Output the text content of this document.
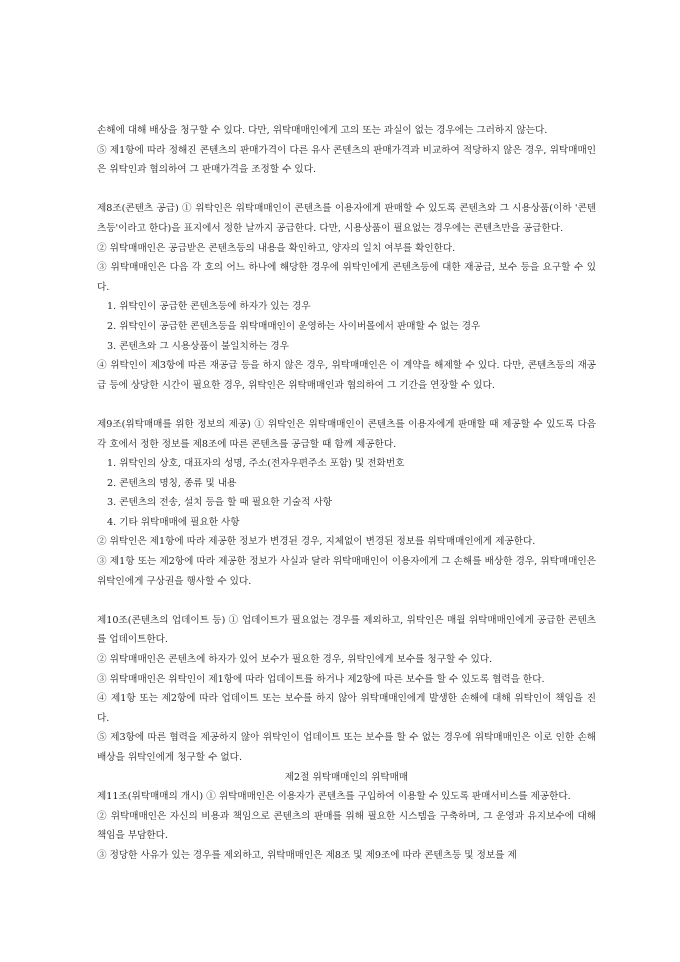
손해에 대해 배상을 청구할 수 있다. 다만, 위탁매매인에게 고의 또는 과실이 없는 경우에는 그러하지 않는다.

⑤ 제1항에 따라 정해진 콘텐츠의 판매가격이 다른 유사 콘텐츠의 판매가격과 비교하여 적당하지 않은 경우, 위탁매매인은 위탁인과 협의하여 그 판매가격을 조정할 수 있다.

제8조(콘텐츠 공급) ① 위탁인은 위탁매매인이 콘텐츠를 이용자에게 판매할 수 있도록 콘텐츠와 그 시용상품(이하 '콘텐츠등'이라고 한다)을 표지에서 정한 날까지 공급한다. 다만, 시용상품이 필요없는 경우에는 콘텐츠만을 공급한다.

② 위탁매매인은 공급받은 콘텐츠등의 내용을 확인하고, 양자의 일치 여부를 확인한다.

③ 위탁매매인은 다음 각 호의 어느 하나에 해당한 경우에 위탁인에게 콘텐츠등에 대한 재공급, 보수 등을 요구할 수 있다.

1. 위탁인이 공급한 콘텐츠등에 하자가 있는 경우

2. 위탁인이 공급한 콘텐츠등을 위탁매매인이 운영하는 사이버몰에서 판매할 수 없는 경우

3. 콘텐츠와 그 시용상품이 불일치하는 경우

④ 위탁인이 제3항에 따른 재공급 등을 하지 않은 경우, 위탁매매인은 이 계약을 해제할 수 있다. 다만, 콘텐츠등의 재공급 등에 상당한 시간이 필요한 경우, 위탁인은 위탁매매인과 협의하여 그 기간을 연장할 수 있다.

제9조(위탁매매를 위한 정보의 제공) ① 위탁인은 위탁매매인이 콘텐츠를 이용자에게 판매할 때 제공할 수 있도록 다음 각 호에서 정한 정보를 제8조에 따른 콘텐츠를 공급할 때 함께 제공한다.

1. 위탁인의 상호, 대표자의 성명, 주소(전자우편주소 포함) 및 전화번호

2. 콘텐츠의 명칭, 종류 및 내용

3. 콘텐츠의 전송, 설치 등을 할 때 필요한 기술적 사항

4. 기타 위탁매매에 필요한 사항

② 위탁인은 제1항에 따라 제공한 정보가 변경된 경우, 지체없이 변경된 정보를 위탁매매인에게 제공한다.

③ 제1항 또는 제2항에 따라 제공한 정보가 사실과 달라 위탁매매인이 이용자에게 그 손해를 배상한 경우, 위탁매매인은 위탁인에게 구상권을 행사할 수 있다.

제10조(콘텐츠의 업데이트 등) ① 업데이트가 필요없는 경우를 제외하고, 위탁인은 매월 위탁매매인에게 공급한 콘텐츠를 업데이트한다.

② 위탁매매인은 콘텐츠에 하자가 있어 보수가 필요한 경우, 위탁인에게 보수를 청구할 수 있다.

③ 위탁매매인은 위탁인이 제1항에 따라 업데이트를 하거나 제2항에 따른 보수를 할 수 있도록 협력을 한다.

④ 제1항 또는 제2항에 따라 업데이트 또는 보수를 하지 않아 위탁매매인에게 발생한 손해에 대해 위탁인이 책임을 진다.

⑤ 제3항에 따른 협력을 제공하지 않아 위탁인이 업데이트 또는 보수를 할 수 없는 경우에 위탁매매인은 이로 인한 손해배상을 위탁인에게 청구할 수 없다.

제2절 위탁매매인의 위탁매매

제11조(위탁매매의 개시) ① 위탁매매인은 이용자가 콘텐츠를 구입하여 이용할 수 있도록 판매서비스를 제공한다.

② 위탁매매인은 자신의 비용과 책임으로 콘텐츠의 판매를 위해 필요한 시스템을 구축하며, 그 운영과 유지보수에 대해 책임을 부담한다.

③ 정당한 사유가 있는 경우를 제외하고, 위탁매매인은 제8조 및 제9조에 따라 콘텐츠등 및 정보를 제
